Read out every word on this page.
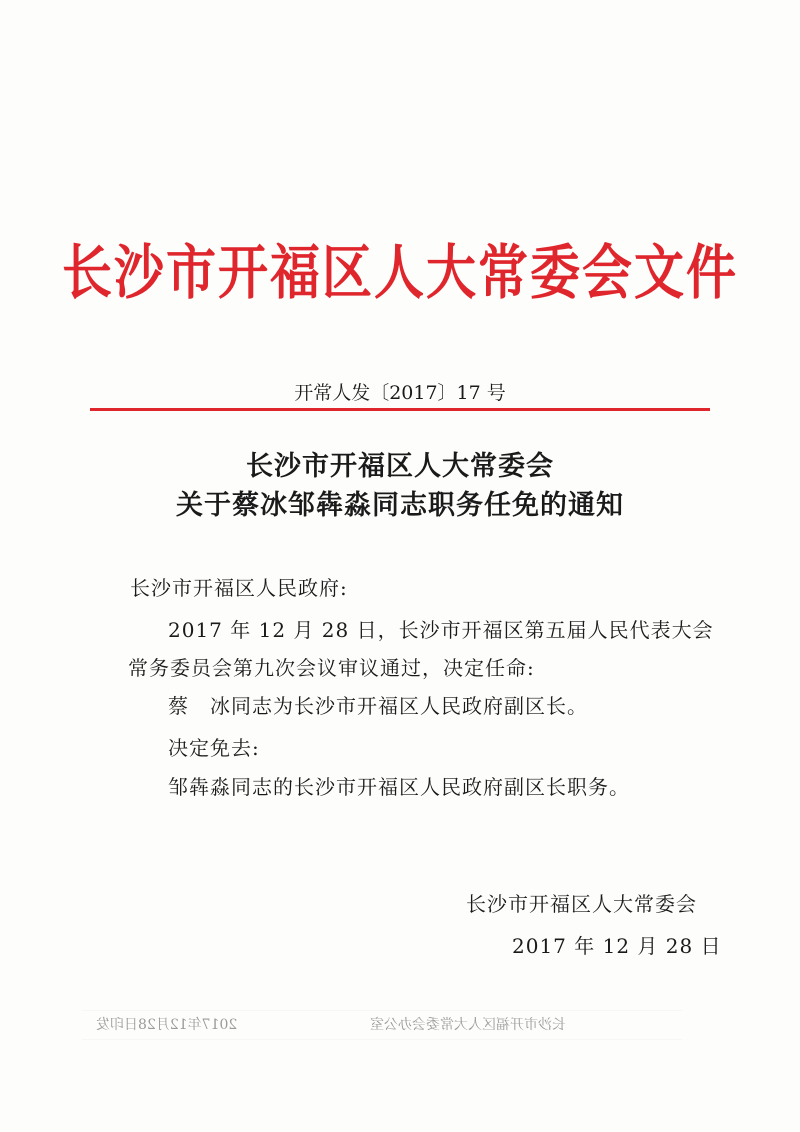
长沙市开福区人大常委会文件
开常人发〔2017〕17 号
长沙市开福区人大常委会
关于蔡冰邹犇淼同志职务任免的通知
长沙市开福区人民政府:
2017 年 12 月 28 日，长沙市开福区第五届人民代表大会
常务委员会第九次会议审议通过，决定任命:
蔡　冰同志为长沙市开福区人民政府副区长。
决定免去:
邹犇淼同志的长沙市开福区人民政府副区长职务。
长沙市开福区人大常委会
2017 年 12 月 28 日
2017年12月28日印发	长沙市开福区人大常委会办公室
